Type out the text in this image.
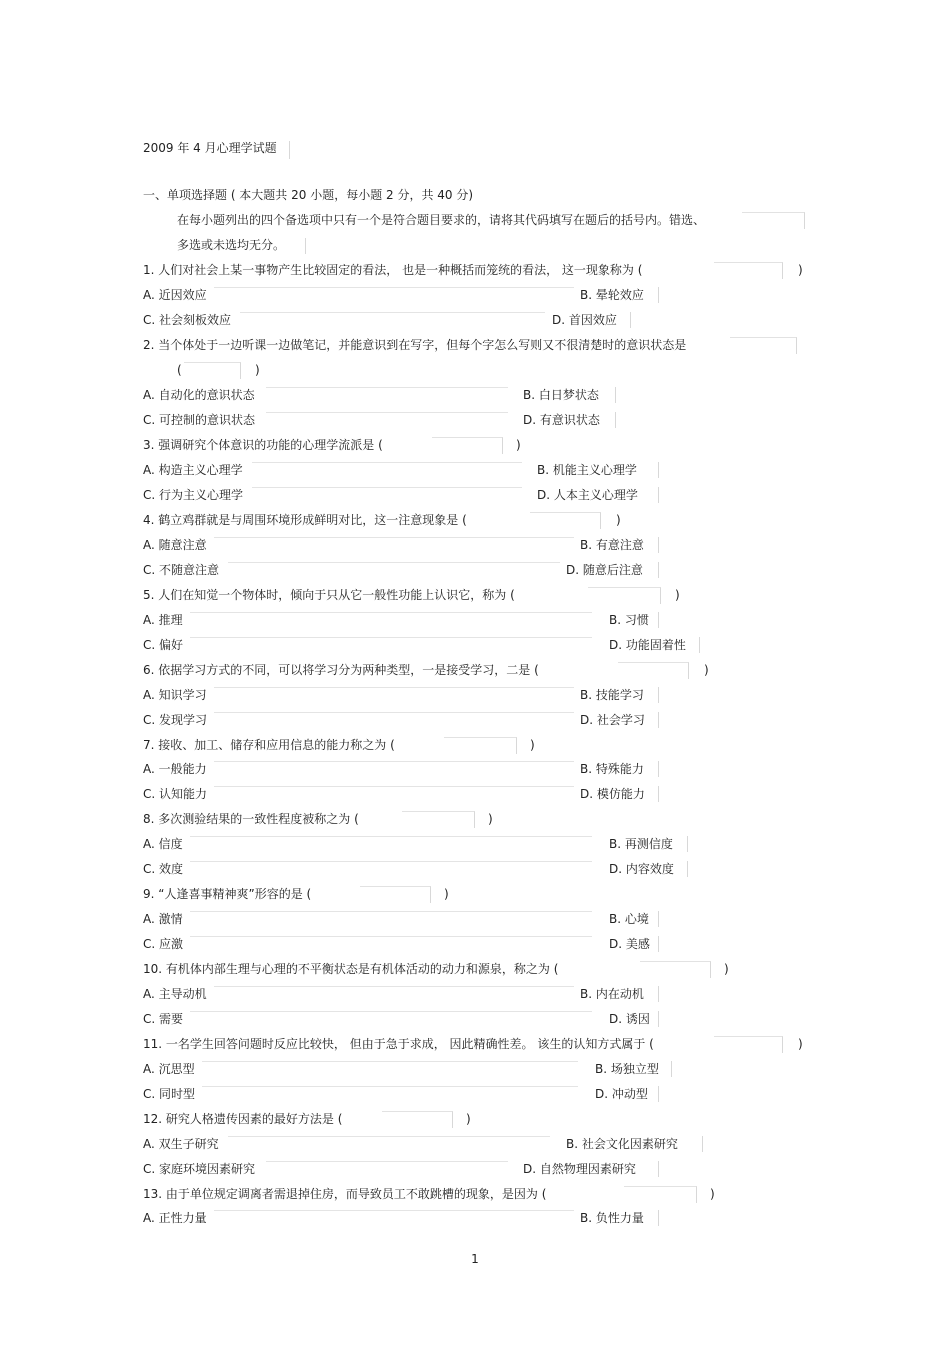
2009 年 4 月心理学试题
一、单项选择题 ( 本大题共 20 小题，每小题 2 分，共 40 分)
在每小题列出的四个备选项中只有一个是符合题目要求的，请将其代码填写在题后的括号内。错选、
多选或未选均无分。
1. 人们对社会上某一事物产生比较固定的看法， 也是一种概括而笼统的看法， 这一现象称为 (	)
A. 近因效应	B. 晕轮效应
C. 社会刻板效应	D. 首因效应
2. 当个体处于一边听课一边做笔记，并能意识到在写字，但每个字怎么写则又不很清楚时的意识状态是
(	)
A. 自动化的意识状态	B. 白日梦状态
C. 可控制的意识状态	D. 有意识状态
3. 强调研究个体意识的功能的心理学流派是 (	)
A. 构造主义心理学	B. 机能主义心理学
C. 行为主义心理学	D. 人本主义心理学
4. 鹤立鸡群就是与周围环境形成鲜明对比，这一注意现象是 (	)
A. 随意注意	B. 有意注意
C. 不随意注意	D. 随意后注意
5. 人们在知觉一个物体时，倾向于只从它一般性功能上认识它，称为 (	)
A. 推理	B. 习惯
C. 偏好	D. 功能固着性
6. 依据学习方式的不同，可以将学习分为两种类型，一是接受学习，二是 (	)
A. 知识学习	B. 技能学习
C. 发现学习	D. 社会学习
7. 接收、加工、储存和应用信息的能力称之为 (	)
A. 一般能力	B. 特殊能力
C. 认知能力	D. 模仿能力
8. 多次测验结果的一致性程度被称之为 (	)
A. 信度	B. 再测信度
C. 效度	D. 内容效度
9. “人逢喜事精神爽”形容的是 (	)
A. 激情	B. 心境
C. 应激	D. 美感
10. 有机体内部生理与心理的不平衡状态是有机体活动的动力和源泉，称之为 (	)
A. 主导动机	B. 内在动机
C. 需要	D. 诱因
11. 一名学生回答问题时反应比较快， 但由于急于求成， 因此精确性差。 该生的认知方式属于 (	)
A. 沉思型	B. 场独立型
C. 同时型	D. 冲动型
12. 研究人格遗传因素的最好方法是 (	)
A. 双生子研究	B. 社会文化因素研究
C. 家庭环境因素研究	D. 自然物理因素研究
13. 由于单位规定调离者需退掉住房，而导致员工不敢跳槽的现象，是因为 (	)
A. 正性力量	B. 负性力量
1
